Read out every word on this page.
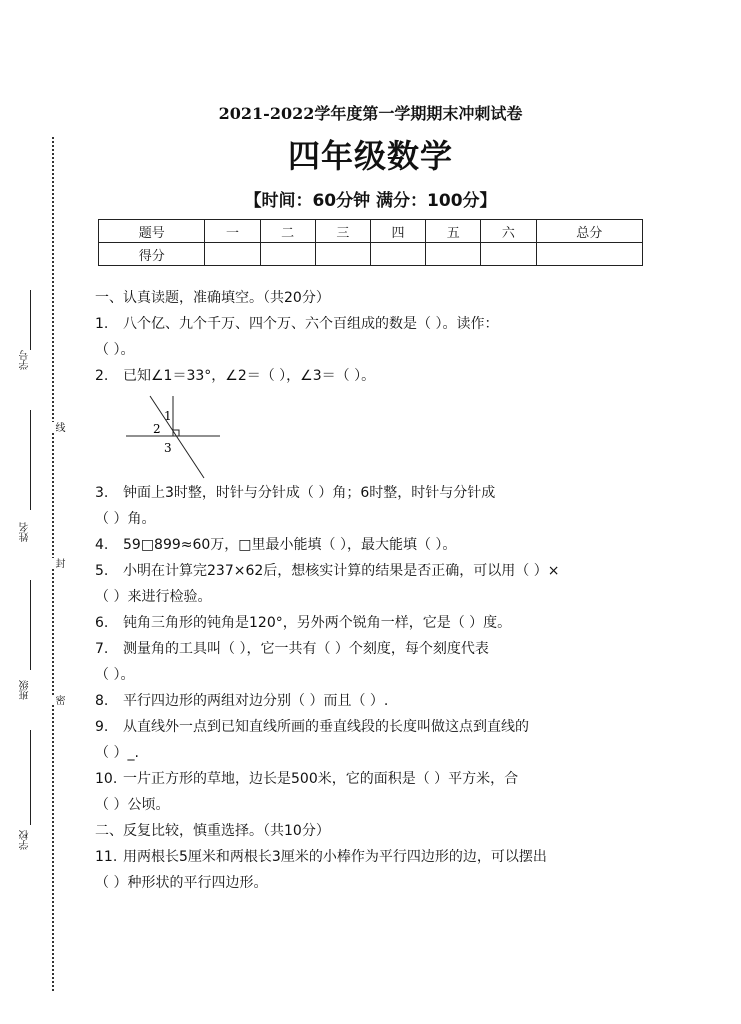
学号
姓名
班级
学校
线
封
密
2021-2022学年度第一学期期末冲刺试卷
四年级数学
【时间：60分钟 满分：100分】
题号	一	二	三	四	五	六	总分
得分							
一、认真读题，准确填空。（共20分）
1. 八个亿、九个千万、四个万、六个百组成的数是（ ）。读作：
（ ）。
2. 已知∠1＝33°，∠2＝（ ），∠3＝（ ）。
1
2
3
3. 钟面上3时整，时针与分针成（ ）角；6时整，时针与分针成
（ ）角。
4. 59□899≈60万，□里最小能填（ ），最大能填（ ）。
5. 小明在计算完237×62后，想核实计算的结果是否正确，可以用（ ）×
（ ）来进行检验。
6. 钝角三角形的钝角是120°，另外两个锐角一样，它是（ ）度。
7. 测量角的工具叫（ ），它一共有（ ）个刻度，每个刻度代表
（ ）。
8. 平行四边形的两组对边分别（ ）而且（ ）.
9. 从直线外一点到已知直线所画的垂直线段的长度叫做这点到直线的
（ ）_.
10. 一片正方形的草地，边长是500米，它的面积是（ ）平方米，合
（ ）公顷。
二、反复比较，慎重选择。（共10分）
11. 用两根长5厘米和两根长3厘米的小棒作为平行四边形的边，可以摆出
（ ）种形状的平行四边形。
